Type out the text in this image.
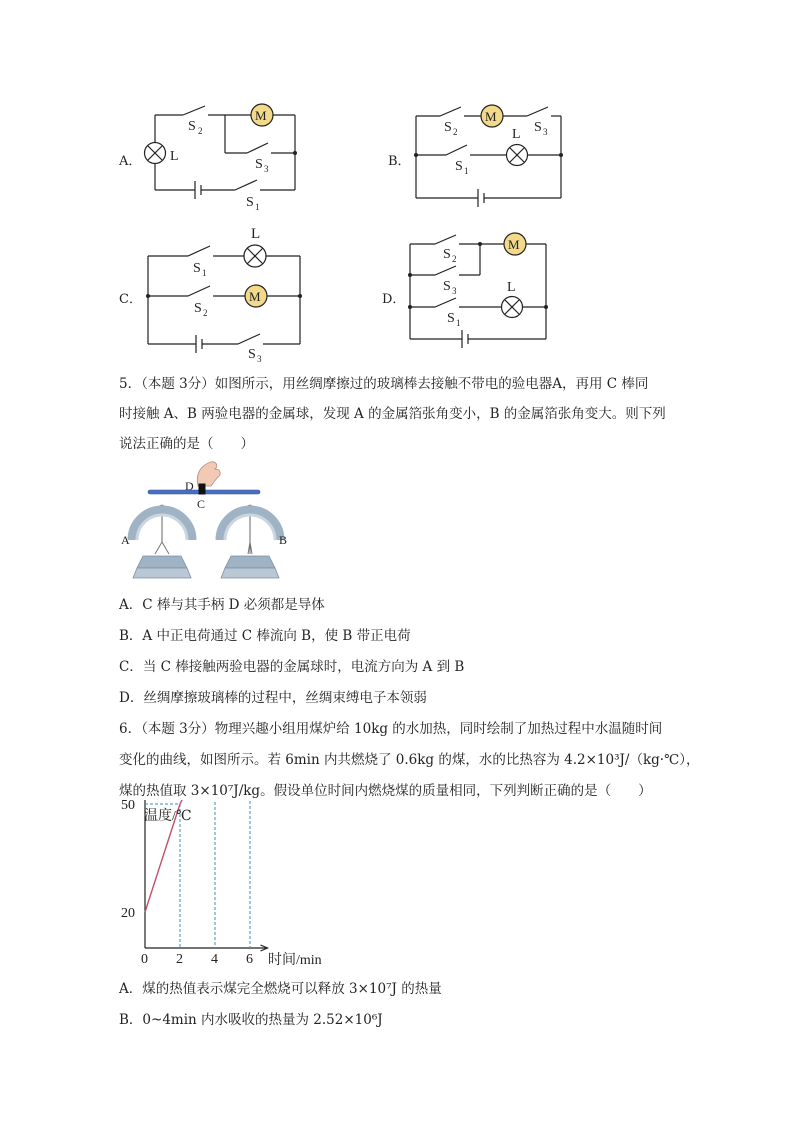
A．
M
L
S 2
S 3
S 1
B．
M
L
S 2	S 3
S 1
C．	M
L
S 1
S 2
S 3
D．
M
L
S 2
S 3
S 1
5．（本题 3分）如图所示，用丝绸摩擦过的玻璃棒去接触不带电的验电器A，再用 C 棒同
时接触 A、B 两验电器的金属球，发现 A 的金属箔张角变小，B 的金属箔张角变大。则下列
说法正确的是（　　）
D
C
A	B
A．C 棒与其手柄 D 必须都是导体
B．A 中正电荷通过 C 棒流向 B，使 B 带正电荷
C．当 C 棒接触两验电器的金属球时，电流方向为 A 到 B
D．丝绸摩擦玻璃棒的过程中，丝绸束缚电子本领弱
6．（本题 3分）物理兴趣小组用煤炉给 10kg 的水加热，同时绘制了加热过程中水温随时间
变化的曲线，如图所示。若 6min 内共燃烧了 0.6kg 的煤，水的比热容为 4.2×10³J/（kg·℃），
煤的热值取 3×10⁷J/kg。假设单位时间内燃烧煤的质量相同，下列判断正确的是（　　）
0 2 4 6
20
50
温度/℃
时间/min
A．煤的热值表示煤完全燃烧可以释放 3×10⁷J 的热量
B．0~4min 内水吸收的热量为 2.52×10⁶J
